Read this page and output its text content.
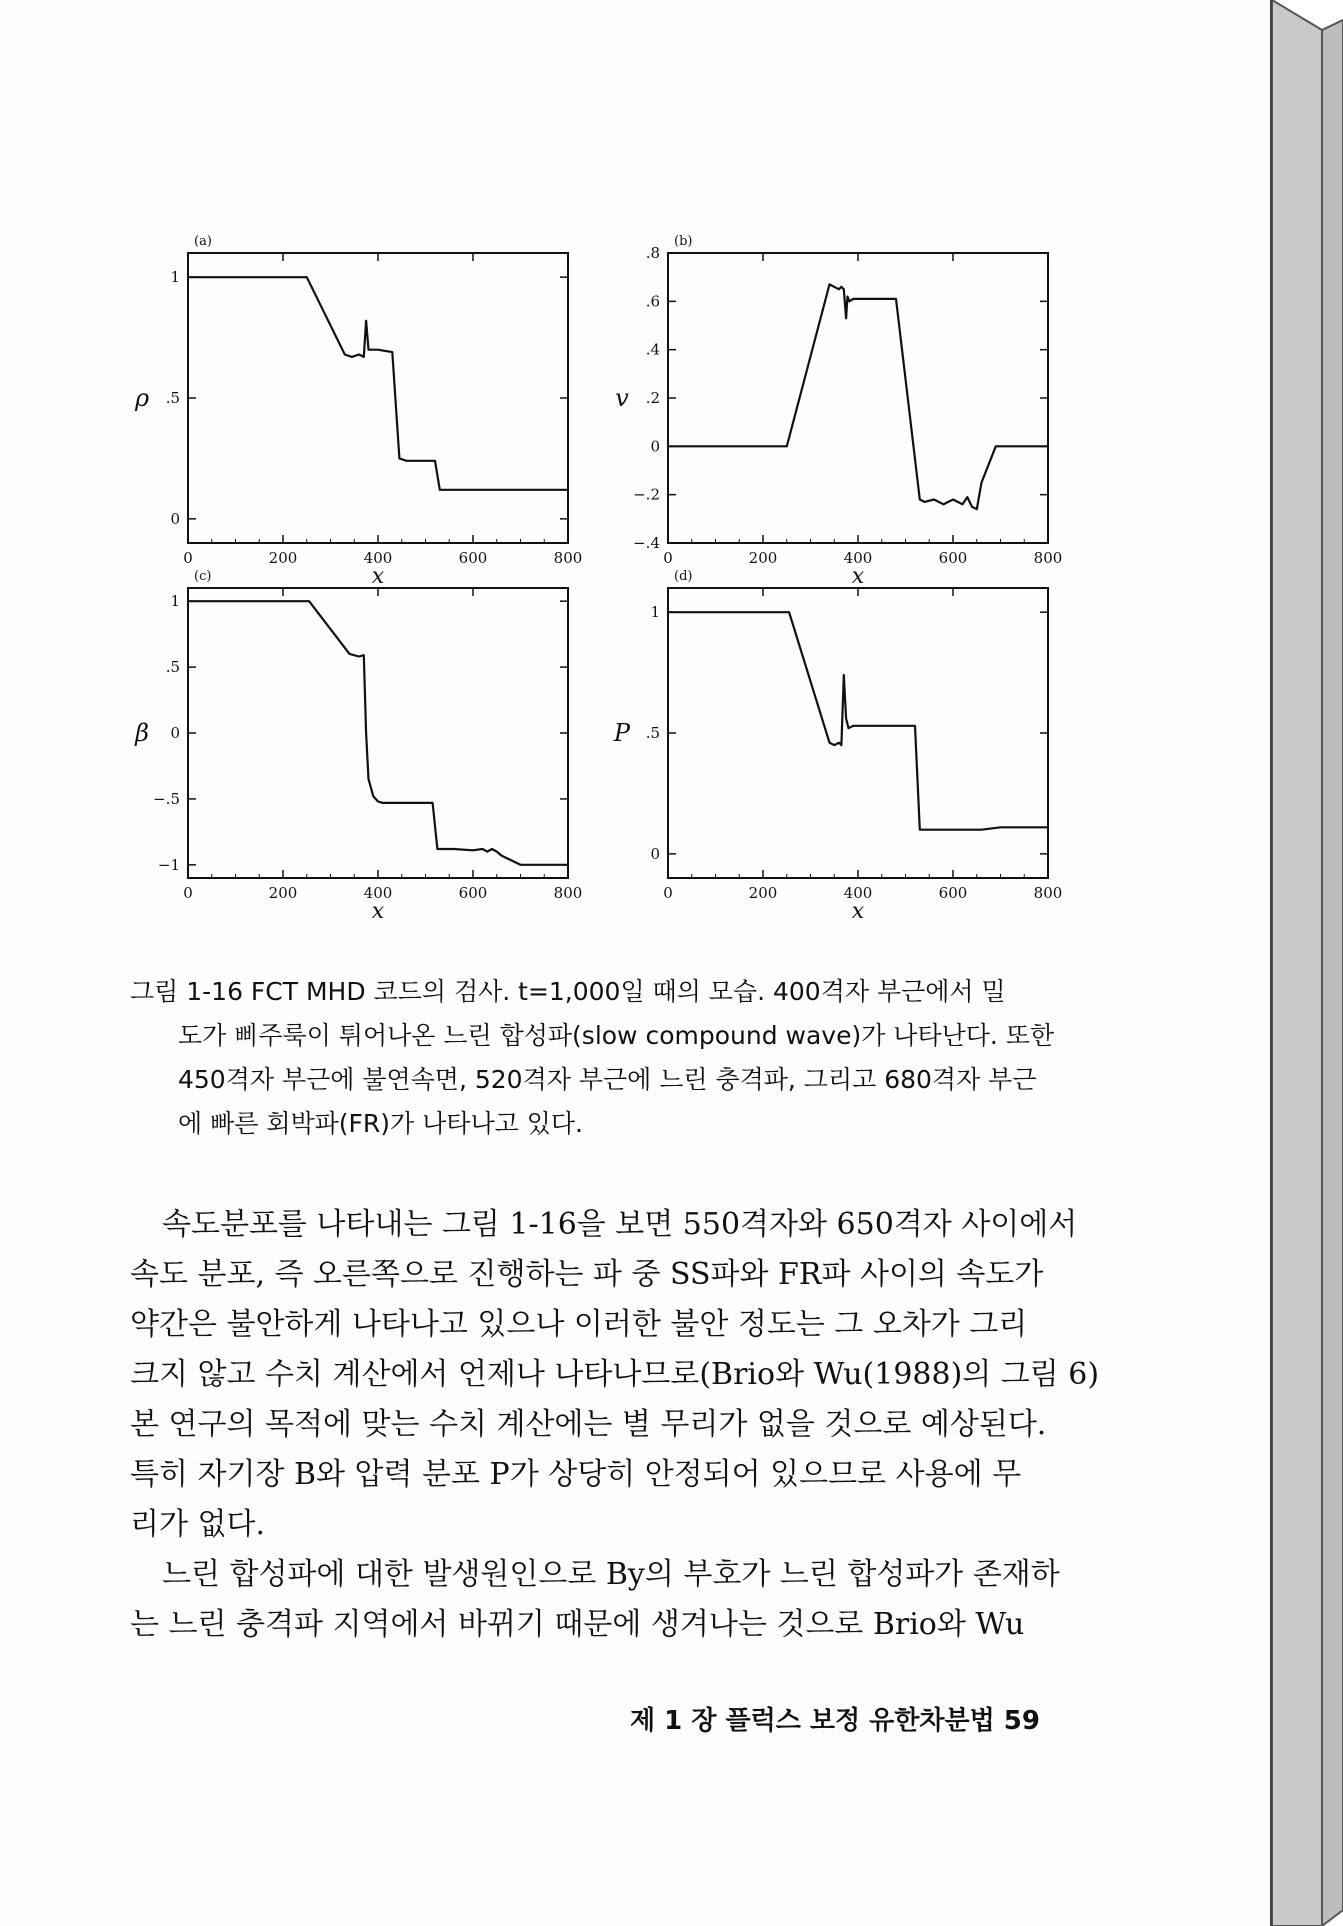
0	200	400	600	800
0
.5
1
(a)
x
ρ
0	200	400	600	800
−.4
−.2
0
.2
.4
.6
.8
(b)
x
v
0	200	400	600	800
−1
−.5
0
.5
1
(c)
x
β
0	200	400	600	800
0
.5
1
(d)
x
P
그림 1-16 FCT MHD 코드의 검사. t=1,000일 때의 모습. 400격자 부근에서 밀
도가 삐주룩이 튀어나온 느린 합성파(slow compound wave)가 나타난다. 또한
450격자 부근에 불연속면, 520격자 부근에 느린 충격파, 그리고 680격자 부근
에 빠른 회박파(FR)가 나타나고 있다.

속도분포를 나타내는 그림 1-16을 보면 550격자와 650격자 사이에서
속도 분포, 즉 오른쪽으로 진행하는 파 중 SS파와 FR파 사이의 속도가
약간은 불안하게 나타나고 있으나 이러한 불안 정도는 그 오차가 그리
크지 않고 수치 계산에서 언제나 나타나므로(Brio와 Wu(1988)의 그림 6)
본 연구의 목적에 맞는 수치 계산에는 별 무리가 없을 것으로 예상된다.
특히 자기장 B와 압력 분포 P가 상당히 안정되어 있으므로 사용에 무
리가 없다.

느린 합성파에 대한 발생원인으로 By의 부호가 느린 합성파가 존재하
는 느린 충격파 지역에서 바뀌기 때문에 생겨나는 것으로 Brio와 Wu

제 1 장 플럭스 보정 유한차분법 59
